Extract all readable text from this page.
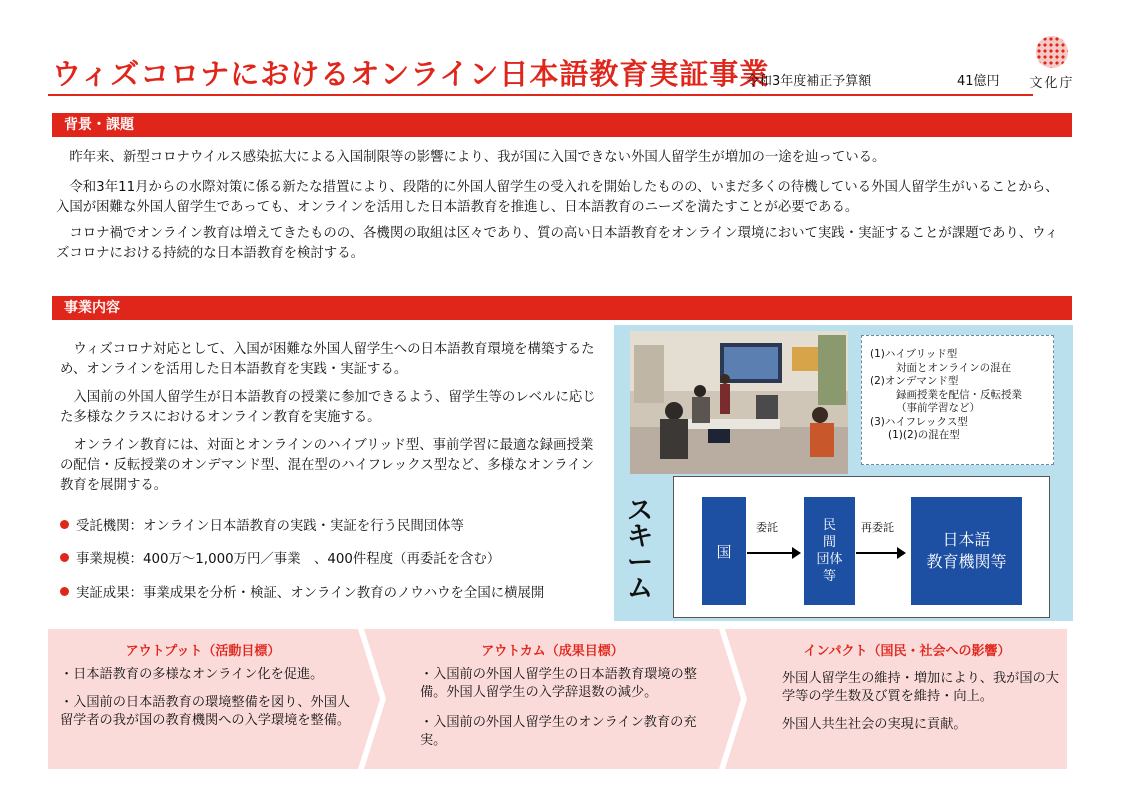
ウィズコロナにおけるオンライン日本語教育実証事業
令和3年度補正予算額	41億円	文化庁
背景・課題

昨年来、新型コロナウイルス感染拡大による入国制限等の影響により、我が国に入国できない外国人留学生が増加の一途を辿っている。

令和3年11月からの水際対策に係る新たな措置により、段階的に外国人留学生の受入れを開始したものの、いまだ多くの待機している外国人留学生がいることから、入国が困難な外国人留学生であっても、オンラインを活用した日本語教育を推進し、日本語教育のニーズを満たすことが必要である。

コロナ禍でオンライン教育は増えてきたものの、各機関の取組は区々であり、質の高い日本語教育をオンライン環境において実践・実証することが課題であり、ウィズコロナにおける持続的な日本語教育を検討する。

事業内容

ウィズコロナ対応として、入国が困難な外国人留学生への日本語教育環境を構築するため、オンラインを活用した日本語教育を実践・実証する。

入国前の外国人留学生が日本語教育の授業に参加できるよう、留学生等のレベルに応じた多様なクラスにおけるオンライン教育を実施する。

オンライン教育には、対面とオンラインのハイブリッド型、事前学習に最適な録画授業の配信・反転授業のオンデマンド型、混在型のハイフレックス型など、多様なオンライン教育を展開する。

受託機関：オンライン日本語教育の実践・実証を行う民間団体等
事業規模：400万～1,000万円／事業　、400件程度（再委託を含む）
実証成果：事業成果を分析・検証、オンライン教育のノウハウを全国に横展開
(1)ハイブリッド型
対面とオンラインの混在
(2)オンデマンド型
録画授業を配信・反転授業
（事前学習など）
(3)ハイフレックス型
(1)(2)の混在型
ス
キ
ー
ム
国
民
間
団体
等
日本語
教育機関等
委託	再委託
アウトプット（活動目標）	アウトカム（成果目標）	インパクト（国民・社会への影響）

・日本語教育の多様なオンライン化を促進。

・入国前の日本語教育の環境整備を図り、外国人留学者の我が国の教育機関への入学環境を整備。

・入国前の外国人留学生の日本語教育環境の整備。外国人留学生の入学辞退数の減少。

・入国前の外国人留学生のオンライン教育の充実。

外国人留学生の維持・増加により、我が国の大学等の学生数及び質を維持・向上。

外国人共生社会の実現に貢献。
